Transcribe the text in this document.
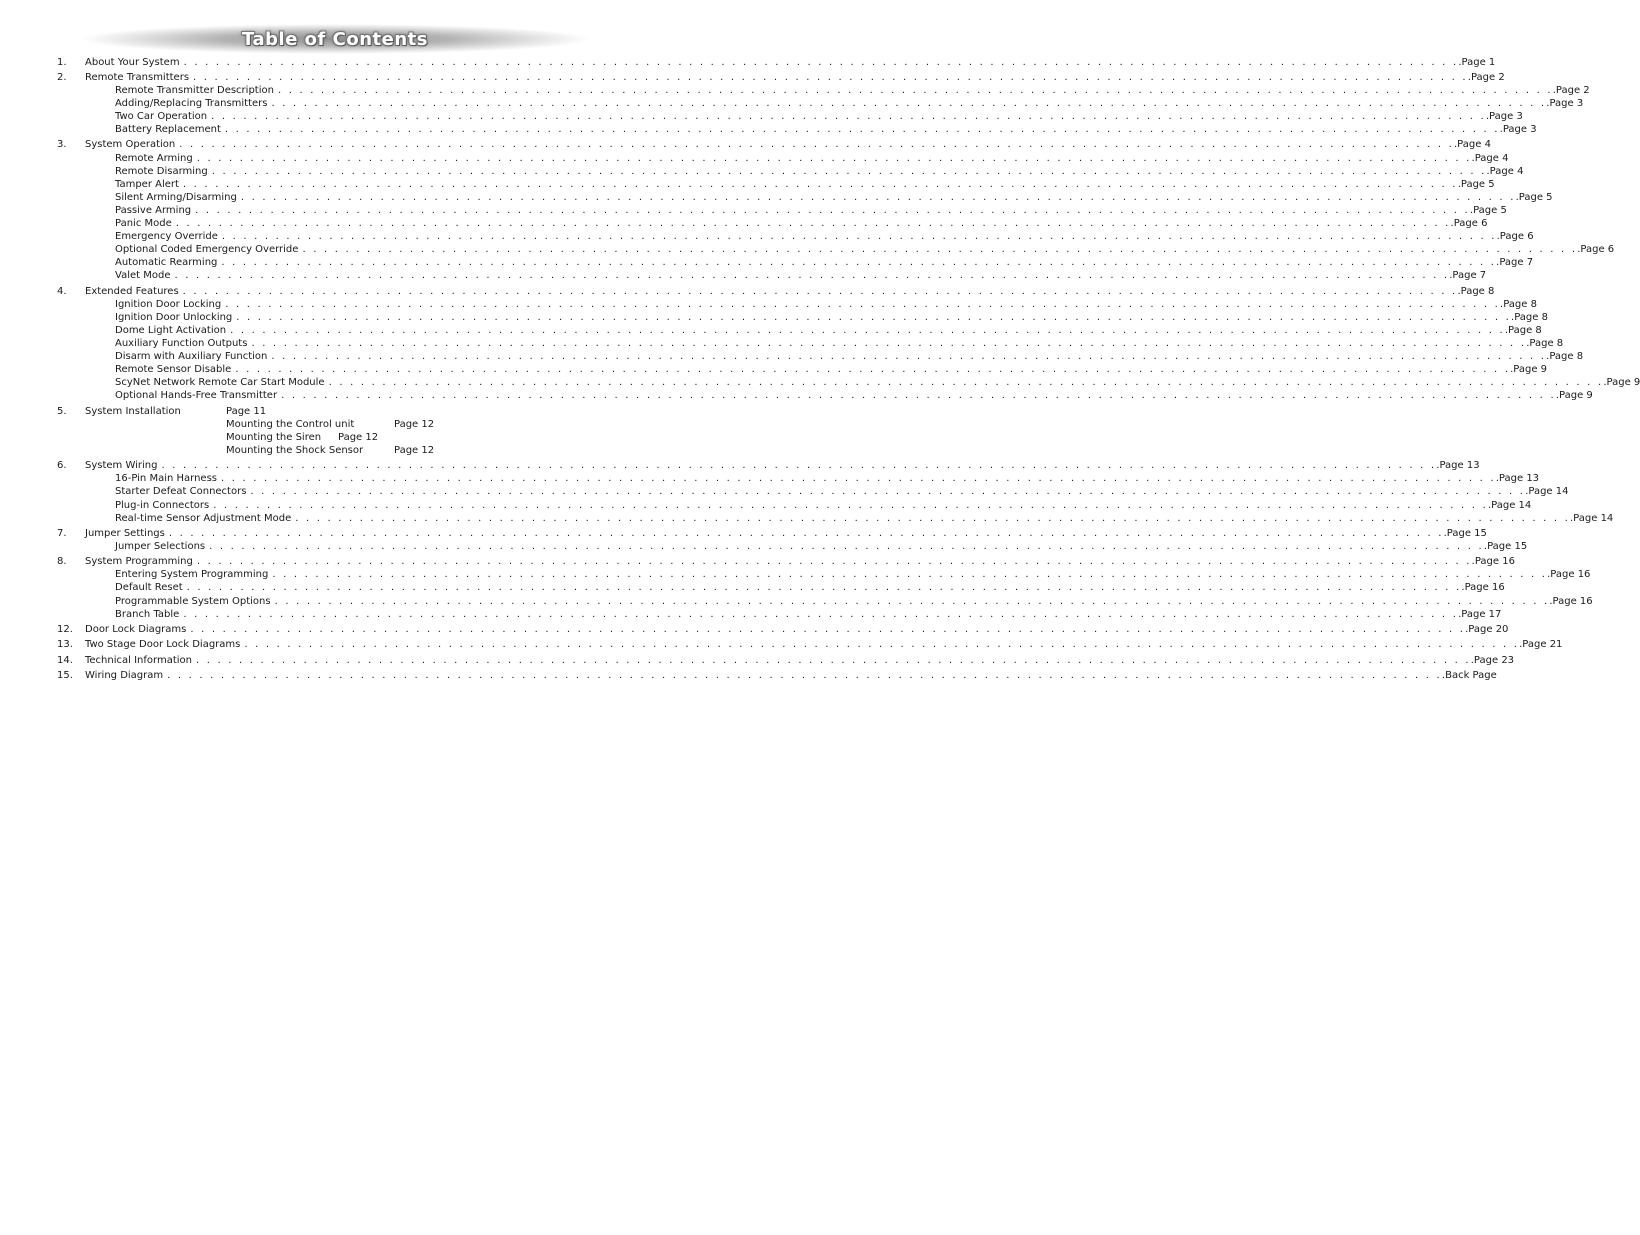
Table of Contents
1. About Your System . . . . . . . . . . . . . . . . . . . . . . . . . . . . . . . . . . . . . . . . . . . . . . . . . . . . . . . . . . . . . . . . . . . . . . . . . . . . . . . . . . . . . . . . . . . . . . . . . . . . . . . . . . . . . . . . . . . . . . . .Page 1
2. Remote Transmitters . . . . . . . . . . . . . . . . . . . . . . . . . . . . . . . . . . . . . . . . . . . . . . . . . . . . . . . . . . . . . . . . . . . . . . . . . . . . . . . . . . . . . . . . . . . . . . . . . . . . . . . . . . . . . . . . . . . . . . . .Page 2
Remote Transmitter Description . . . . . . . . . . . . . . . . . . . . . . . . . . . . . . . . . . . . . . . . . . . . . . . . . . . . . . . . . . . . . . . . . . . . . . . . . . . . . . . . . . . . . . . . . . . . . . . . . . . . . . . . . . . . . . . . . . . . . . . .Page 2
Adding/Replacing Transmitters . . . . . . . . . . . . . . . . . . . . . . . . . . . . . . . . . . . . . . . . . . . . . . . . . . . . . . . . . . . . . . . . . . . . . . . . . . . . . . . . . . . . . . . . . . . . . . . . . . . . . . . . . . . . . . . . . . . . . . . .Page 3
Two Car Operation . . . . . . . . . . . . . . . . . . . . . . . . . . . . . . . . . . . . . . . . . . . . . . . . . . . . . . . . . . . . . . . . . . . . . . . . . . . . . . . . . . . . . . . . . . . . . . . . . . . . . . . . . . . . . . . . . . . . . . . .Page 3
Battery Replacement . . . . . . . . . . . . . . . . . . . . . . . . . . . . . . . . . . . . . . . . . . . . . . . . . . . . . . . . . . . . . . . . . . . . . . . . . . . . . . . . . . . . . . . . . . . . . . . . . . . . . . . . . . . . . . . . . . . . . . . .Page 3
3. System Operation . . . . . . . . . . . . . . . . . . . . . . . . . . . . . . . . . . . . . . . . . . . . . . . . . . . . . . . . . . . . . . . . . . . . . . . . . . . . . . . . . . . . . . . . . . . . . . . . . . . . . . . . . . . . . . . . . . . . . . . .Page 4
Remote Arming . . . . . . . . . . . . . . . . . . . . . . . . . . . . . . . . . . . . . . . . . . . . . . . . . . . . . . . . . . . . . . . . . . . . . . . . . . . . . . . . . . . . . . . . . . . . . . . . . . . . . . . . . . . . . . . . . . . . . . . .Page 4
Remote Disarming . . . . . . . . . . . . . . . . . . . . . . . . . . . . . . . . . . . . . . . . . . . . . . . . . . . . . . . . . . . . . . . . . . . . . . . . . . . . . . . . . . . . . . . . . . . . . . . . . . . . . . . . . . . . . . . . . . . . . . . .Page 4
Tamper Alert . . . . . . . . . . . . . . . . . . . . . . . . . . . . . . . . . . . . . . . . . . . . . . . . . . . . . . . . . . . . . . . . . . . . . . . . . . . . . . . . . . . . . . . . . . . . . . . . . . . . . . . . . . . . . . . . . . . . . . . .Page 5
Silent Arming/Disarming . . . . . . . . . . . . . . . . . . . . . . . . . . . . . . . . . . . . . . . . . . . . . . . . . . . . . . . . . . . . . . . . . . . . . . . . . . . . . . . . . . . . . . . . . . . . . . . . . . . . . . . . . . . . . . . . . . . . . . . .Page 5
Passive Arming . . . . . . . . . . . . . . . . . . . . . . . . . . . . . . . . . . . . . . . . . . . . . . . . . . . . . . . . . . . . . . . . . . . . . . . . . . . . . . . . . . . . . . . . . . . . . . . . . . . . . . . . . . . . . . . . . . . . . . . .Page 5
Panic Mode . . . . . . . . . . . . . . . . . . . . . . . . . . . . . . . . . . . . . . . . . . . . . . . . . . . . . . . . . . . . . . . . . . . . . . . . . . . . . . . . . . . . . . . . . . . . . . . . . . . . . . . . . . . . . . . . . . . . . . . .Page 6
Emergency Override . . . . . . . . . . . . . . . . . . . . . . . . . . . . . . . . . . . . . . . . . . . . . . . . . . . . . . . . . . . . . . . . . . . . . . . . . . . . . . . . . . . . . . . . . . . . . . . . . . . . . . . . . . . . . . . . . . . . . . . .Page 6
Optional Coded Emergency Override . . . . . . . . . . . . . . . . . . . . . . . . . . . . . . . . . . . . . . . . . . . . . . . . . . . . . . . . . . . . . . . . . . . . . . . . . . . . . . . . . . . . . . . . . . . . . . . . . . . . . . . . . . . . . . . . . . . . . . . .Page 6
Automatic Rearming . . . . . . . . . . . . . . . . . . . . . . . . . . . . . . . . . . . . . . . . . . . . . . . . . . . . . . . . . . . . . . . . . . . . . . . . . . . . . . . . . . . . . . . . . . . . . . . . . . . . . . . . . . . . . . . . . . . . . . . .Page 7
Valet Mode . . . . . . . . . . . . . . . . . . . . . . . . . . . . . . . . . . . . . . . . . . . . . . . . . . . . . . . . . . . . . . . . . . . . . . . . . . . . . . . . . . . . . . . . . . . . . . . . . . . . . . . . . . . . . . . . . . . . . . . .Page 7
4. Extended Features . . . . . . . . . . . . . . . . . . . . . . . . . . . . . . . . . . . . . . . . . . . . . . . . . . . . . . . . . . . . . . . . . . . . . . . . . . . . . . . . . . . . . . . . . . . . . . . . . . . . . . . . . . . . . . . . . . . . . . . .Page 8
Ignition Door Locking . . . . . . . . . . . . . . . . . . . . . . . . . . . . . . . . . . . . . . . . . . . . . . . . . . . . . . . . . . . . . . . . . . . . . . . . . . . . . . . . . . . . . . . . . . . . . . . . . . . . . . . . . . . . . . . . . . . . . . . .Page 8
Ignition Door Unlocking . . . . . . . . . . . . . . . . . . . . . . . . . . . . . . . . . . . . . . . . . . . . . . . . . . . . . . . . . . . . . . . . . . . . . . . . . . . . . . . . . . . . . . . . . . . . . . . . . . . . . . . . . . . . . . . . . . . . . . . .Page 8
Dome Light Activation . . . . . . . . . . . . . . . . . . . . . . . . . . . . . . . . . . . . . . . . . . . . . . . . . . . . . . . . . . . . . . . . . . . . . . . . . . . . . . . . . . . . . . . . . . . . . . . . . . . . . . . . . . . . . . . . . . . . . . . .Page 8
Auxiliary Function Outputs . . . . . . . . . . . . . . . . . . . . . . . . . . . . . . . . . . . . . . . . . . . . . . . . . . . . . . . . . . . . . . . . . . . . . . . . . . . . . . . . . . . . . . . . . . . . . . . . . . . . . . . . . . . . . . . . . . . . . . . .Page 8
Disarm with Auxiliary Function . . . . . . . . . . . . . . . . . . . . . . . . . . . . . . . . . . . . . . . . . . . . . . . . . . . . . . . . . . . . . . . . . . . . . . . . . . . . . . . . . . . . . . . . . . . . . . . . . . . . . . . . . . . . . . . . . . . . . . . .Page 8
Remote Sensor Disable . . . . . . . . . . . . . . . . . . . . . . . . . . . . . . . . . . . . . . . . . . . . . . . . . . . . . . . . . . . . . . . . . . . . . . . . . . . . . . . . . . . . . . . . . . . . . . . . . . . . . . . . . . . . . . . . . . . . . . . .Page 9
ScyNet Network Remote Car Start Module . . . . . . . . . . . . . . . . . . . . . . . . . . . . . . . . . . . . . . . . . . . . . . . . . . . . . . . . . . . . . . . . . . . . . . . . . . . . . . . . . . . . . . . . . . . . . . . . . . . . . . . . . . . . . . . . . . . . . . . .Page 9
Optional Hands-Free Transmitter . . . . . . . . . . . . . . . . . . . . . . . . . . . . . . . . . . . . . . . . . . . . . . . . . . . . . . . . . . . . . . . . . . . . . . . . . . . . . . . . . . . . . . . . . . . . . . . . . . . . . . . . . . . . . . . . . . . . . . . .Page 9
5. System Installation	Page 11
Mounting the Control unit	Page 12
Mounting the Siren Page 12
Mounting the Shock Sensor	Page 12
6. System Wiring . . . . . . . . . . . . . . . . . . . . . . . . . . . . . . . . . . . . . . . . . . . . . . . . . . . . . . . . . . . . . . . . . . . . . . . . . . . . . . . . . . . . . . . . . . . . . . . . . . . . . . . . . . . . . . . . . . . . . . . .Page 13
16-Pin Main Harness . . . . . . . . . . . . . . . . . . . . . . . . . . . . . . . . . . . . . . . . . . . . . . . . . . . . . . . . . . . . . . . . . . . . . . . . . . . . . . . . . . . . . . . . . . . . . . . . . . . . . . . . . . . . . . . . . . . . . . . .Page 13
Starter Defeat Connectors . . . . . . . . . . . . . . . . . . . . . . . . . . . . . . . . . . . . . . . . . . . . . . . . . . . . . . . . . . . . . . . . . . . . . . . . . . . . . . . . . . . . . . . . . . . . . . . . . . . . . . . . . . . . . . . . . . . . . . . .Page 14
Plug-in Connectors . . . . . . . . . . . . . . . . . . . . . . . . . . . . . . . . . . . . . . . . . . . . . . . . . . . . . . . . . . . . . . . . . . . . . . . . . . . . . . . . . . . . . . . . . . . . . . . . . . . . . . . . . . . . . . . . . . . . . . . .Page 14
Real-time Sensor Adjustment Mode . . . . . . . . . . . . . . . . . . . . . . . . . . . . . . . . . . . . . . . . . . . . . . . . . . . . . . . . . . . . . . . . . . . . . . . . . . . . . . . . . . . . . . . . . . . . . . . . . . . . . . . . . . . . . . . . . . . . . . . .Page 14
7. Jumper Settings . . . . . . . . . . . . . . . . . . . . . . . . . . . . . . . . . . . . . . . . . . . . . . . . . . . . . . . . . . . . . . . . . . . . . . . . . . . . . . . . . . . . . . . . . . . . . . . . . . . . . . . . . . . . . . . . . . . . . . . .Page 15
Jumper Selections . . . . . . . . . . . . . . . . . . . . . . . . . . . . . . . . . . . . . . . . . . . . . . . . . . . . . . . . . . . . . . . . . . . . . . . . . . . . . . . . . . . . . . . . . . . . . . . . . . . . . . . . . . . . . . . . . . . . . . . .Page 15
8. System Programming . . . . . . . . . . . . . . . . . . . . . . . . . . . . . . . . . . . . . . . . . . . . . . . . . . . . . . . . . . . . . . . . . . . . . . . . . . . . . . . . . . . . . . . . . . . . . . . . . . . . . . . . . . . . . . . . . . . . . . . .Page 16
Entering System Programming . . . . . . . . . . . . . . . . . . . . . . . . . . . . . . . . . . . . . . . . . . . . . . . . . . . . . . . . . . . . . . . . . . . . . . . . . . . . . . . . . . . . . . . . . . . . . . . . . . . . . . . . . . . . . . . . . . . . . . . .Page 16
Default Reset . . . . . . . . . . . . . . . . . . . . . . . . . . . . . . . . . . . . . . . . . . . . . . . . . . . . . . . . . . . . . . . . . . . . . . . . . . . . . . . . . . . . . . . . . . . . . . . . . . . . . . . . . . . . . . . . . . . . . . . .Page 16
Programmable System Options . . . . . . . . . . . . . . . . . . . . . . . . . . . . . . . . . . . . . . . . . . . . . . . . . . . . . . . . . . . . . . . . . . . . . . . . . . . . . . . . . . . . . . . . . . . . . . . . . . . . . . . . . . . . . . . . . . . . . . . .Page 16
Branch Table . . . . . . . . . . . . . . . . . . . . . . . . . . . . . . . . . . . . . . . . . . . . . . . . . . . . . . . . . . . . . . . . . . . . . . . . . . . . . . . . . . . . . . . . . . . . . . . . . . . . . . . . . . . . . . . . . . . . . . . .Page 17
12. Door Lock Diagrams . . . . . . . . . . . . . . . . . . . . . . . . . . . . . . . . . . . . . . . . . . . . . . . . . . . . . . . . . . . . . . . . . . . . . . . . . . . . . . . . . . . . . . . . . . . . . . . . . . . . . . . . . . . . . . . . . . . . . . . .Page 20
13. Two Stage Door Lock Diagrams . . . . . . . . . . . . . . . . . . . . . . . . . . . . . . . . . . . . . . . . . . . . . . . . . . . . . . . . . . . . . . . . . . . . . . . . . . . . . . . . . . . . . . . . . . . . . . . . . . . . . . . . . . . . . . . . . . . . . . . .Page 21
14. Technical Information . . . . . . . . . . . . . . . . . . . . . . . . . . . . . . . . . . . . . . . . . . . . . . . . . . . . . . . . . . . . . . . . . . . . . . . . . . . . . . . . . . . . . . . . . . . . . . . . . . . . . . . . . . . . . . . . . . . . . . . .Page 23
15. Wiring Diagram . . . . . . . . . . . . . . . . . . . . . . . . . . . . . . . . . . . . . . . . . . . . . . . . . . . . . . . . . . . . . . . . . . . . . . . . . . . . . . . . . . . . . . . . . . . . . . . . . . . . . . . . . . . . . . . . . . . . . . . .Back Page
